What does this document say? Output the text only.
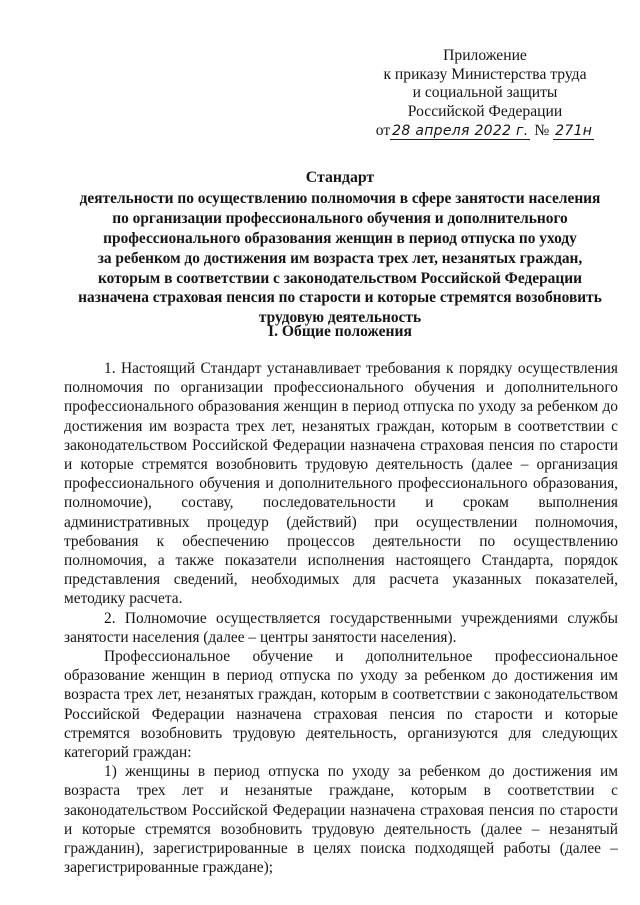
Приложение
к приказу Министерства труда
и социальной защиты
Российской Федерации
от 28 апреля 2022 г. № 271н
Стандарт
деятельности по осуществлению полномочия в сфере занятости населения
по организации профессионального обучения и дополнительного
профессионального образования женщин в период отпуска по уходу
за ребенком до достижения им возраста трех лет, незанятых граждан,
которым в соответствии с законодательством Российской Федерации
назначена страховая пенсия по старости и которые стремятся возобновить
трудовую деятельность
I. Общие положения

1. Настоящий Стандарт устанавливает требования к порядку осуществления полномочия по организации профессионального обучения и дополнительного профессионального образования женщин в период отпуска по уходу за ребенком до достижения им возраста трех лет, незанятых граждан, которым в соответствии с законодательством Российской Федерации назначена страховая пенсия по старости и которые стремятся возобновить трудовую деятельность (далее – организация профессионального обучения и дополнительного профессионального образования, полномочие), составу, последовательности и срокам выполнения административных процедур (действий) при осуществлении полномочия, требования к обеспечению процессов деятельности по осуществлению полномочия, а также показатели исполнения настоящего Стандарта, порядок представления сведений, необходимых для расчета указанных показателей, методику расчета.

2. Полномочие осуществляется государственными учреждениями службы занятости населения (далее – центры занятости населения).

Профессиональное обучение и дополнительное профессиональное образование женщин в период отпуска по уходу за ребенком до достижения им возраста трех лет, незанятых граждан, которым в соответствии с законодательством Российской Федерации назначена страховая пенсия по старости и которые стремятся возобновить трудовую деятельность, организуются для следующих категорий граждан:

1) женщины в период отпуска по уходу за ребенком до достижения им возраста трех лет и незанятые граждане, которым в соответствии с законодательством Российской Федерации назначена страховая пенсия по старости и которые стремятся возобновить трудовую деятельность (далее – незанятый гражданин), зарегистрированные в целях поиска подходящей работы (далее – зарегистрированные граждане);
